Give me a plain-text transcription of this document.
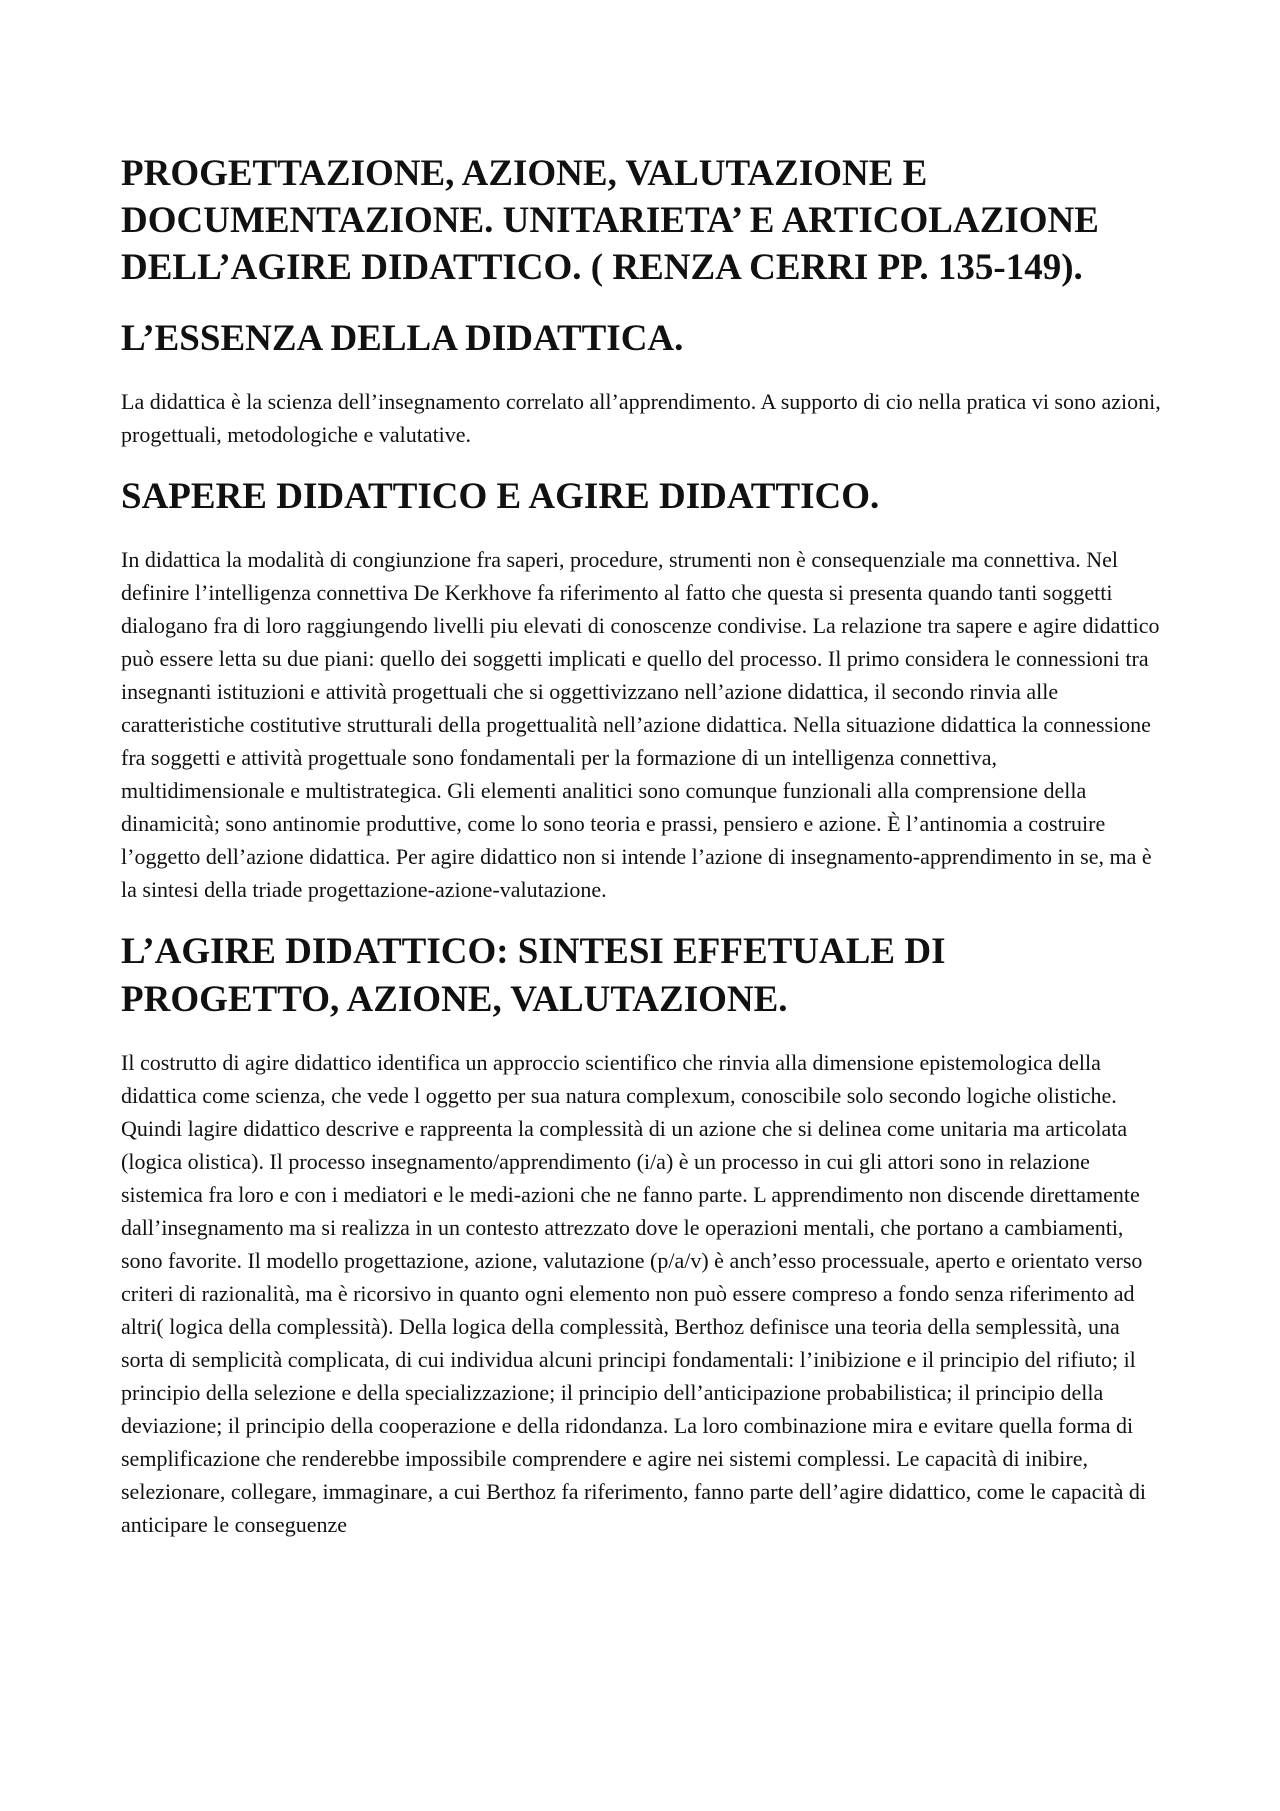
PROGETTAZIONE, AZIONE, VALUTAZIONE E DOCUMENTAZIONE. UNITARIETA’ E ARTICOLAZIONE DELL’AGIRE DIDATTICO. ( RENZA CERRI PP. 135-149).
L’ESSENZA DELLA DIDATTICA.

La didattica è la scienza dell’insegnamento correlato all’apprendimento. A supporto di cio nella pratica vi sono azioni, progettuali, metodologiche e valutative.

SAPERE DIDATTICO E AGIRE DIDATTICO.

In didattica la modalità di congiunzione fra saperi, procedure, strumenti non è consequenziale ma connettiva. Nel definire l’intelligenza connettiva De Kerkhove fa riferimento al fatto che questa si presenta quando tanti soggetti dialogano fra di loro raggiungendo livelli piu elevati di conoscenze condivise. La relazione tra sapere e agire didattico può essere letta su due piani: quello dei soggetti implicati e quello del processo. Il primo considera le connessioni tra insegnanti istituzioni e attività progettuali che si oggettivizzano nell’azione didattica, il secondo rinvia alle caratteristiche costitutive strutturali della progettualità nell’azione didattica. Nella situazione didattica la connessione fra soggetti e attività progettuale sono fondamentali per la formazione di un intelligenza connettiva, multidimensionale e multistrategica. Gli elementi analitici sono comunque funzionali alla comprensione della dinamicità; sono antinomie produttive, come lo sono teoria e prassi, pensiero e azione. È l’antinomia a costruire l’oggetto dell’azione didattica. Per agire didattico non si intende l’azione di insegnamento-apprendimento in se, ma è la sintesi della triade progettazione-azione-valutazione.

L’AGIRE DIDATTICO: SINTESI EFFETUALE DI PROGETTO, AZIONE, VALUTAZIONE.

Il costrutto di agire didattico identifica un approccio scientifico che rinvia alla dimensione epistemologica della didattica come scienza, che vede l oggetto per sua natura complexum, conoscibile solo secondo logiche olistiche. Quindi lagire didattico descrive e rappreenta la complessità di un azione che si delinea come unitaria ma articolata (logica olistica). Il processo insegnamento/apprendimento (i/a) è un processo in cui gli attori sono in relazione sistemica fra loro e con i mediatori e le medi-azioni che ne fanno parte. L apprendimento non discende direttamente dall’insegnamento ma si realizza in un contesto attrezzato dove le operazioni mentali, che portano a cambiamenti, sono favorite. Il modello progettazione, azione, valutazione (p/a/v) è anch’esso processuale, aperto e orientato verso criteri di razionalità, ma è ricorsivo in quanto ogni elemento non può essere compreso a fondo senza riferimento ad altri( logica della complessità). Della logica della complessità, Berthoz definisce una teoria della semplessità, una sorta di semplicità complicata, di cui individua alcuni principi fondamentali: l’inibizione e il principio del rifiuto; il principio della selezione e della specializzazione; il principio dell’anticipazione probabilistica; il principio della deviazione; il principio della cooperazione e della ridondanza. La loro combinazione mira e evitare quella forma di semplificazione che renderebbe impossibile comprendere e agire nei sistemi complessi. Le capacità di inibire, selezionare, collegare, immaginare, a cui Berthoz fa riferimento, fanno parte dell’agire didattico, come le capacità di anticipare le conseguenze
